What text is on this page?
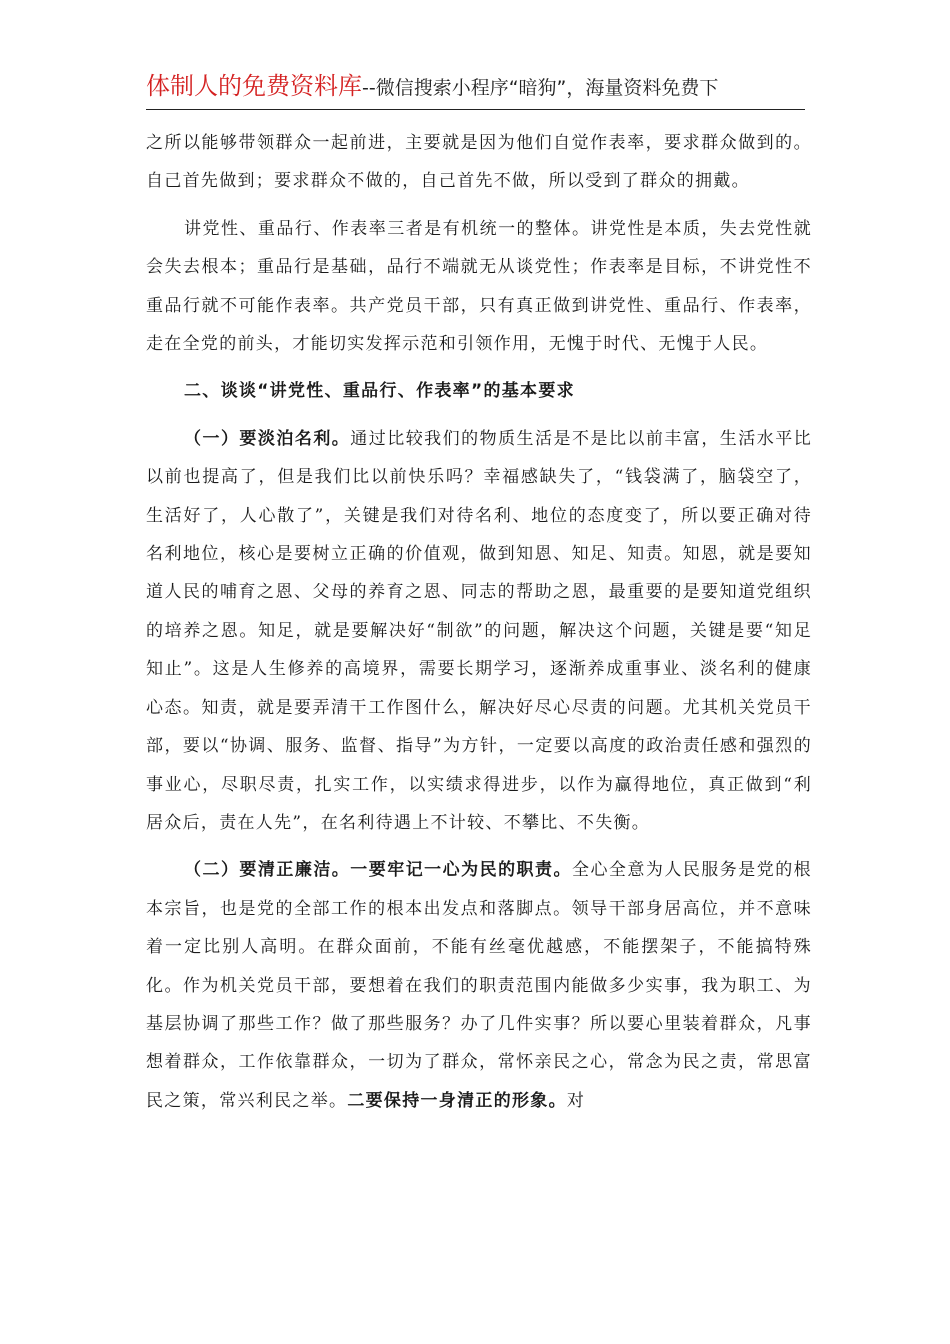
体制人的免费资料库--微信搜索小程序“暗狗”，海量资料免费下

之所以能够带领群众一起前进，主要就是因为他们自觉作表率，要求群众做到的。自己首先做到；要求群众不做的，自己首先不做，所以受到了群众的拥戴。

讲党性、重品行、作表率三者是有机统一的整体。讲党性是本质，失去党性就会失去根本；重品行是基础，品行不端就无从谈党性；作表率是目标，不讲党性不重品行就不可能作表率。共产党员干部，只有真正做到讲党性、重品行、作表率，走在全党的前头，才能切实发挥示范和引领作用，无愧于时代、无愧于人民。

二、谈谈“讲党性、重品行、作表率”的基本要求

（一）要淡泊名利。通过比较我们的物质生活是不是比以前丰富，生活水平比以前也提高了，但是我们比以前快乐吗？幸福感缺失了，“钱袋满了，脑袋空了，生活好了，人心散了”，关键是我们对待名利、地位的态度变了，所以要正确对待名利地位，核心是要树立正确的价值观，做到知恩、知足、知责。知恩，就是要知道人民的哺育之恩、父母的养育之恩、同志的帮助之恩，最重要的是要知道党组织的培养之恩。知足，就是要解决好“制欲”的问题，解决这个问题，关键是要“知足知止”。这是人生修养的高境界，需要长期学习，逐渐养成重事业、淡名利的健康心态。知责，就是要弄清干工作图什么，解决好尽心尽责的问题。尤其机关党员干部，要以“协调、服务、监督、指导”为方针，一定要以高度的政治责任感和强烈的事业心，尽职尽责，扎实工作，以实绩求得进步，以作为赢得地位，真正做到“利居众后，责在人先”，在名利待遇上不计较、不攀比、不失衡。

（二）要清正廉洁。一要牢记一心为民的职责。全心全意为人民服务是党的根本宗旨，也是党的全部工作的根本出发点和落脚点。领导干部身居高位，并不意味着一定比别人高明。在群众面前，不能有丝毫优越感，不能摆架子，不能搞特殊化。作为机关党员干部，要想着在我们的职责范围内能做多少实事，我为职工、为基层协调了那些工作？做了那些服务？办了几件实事？所以要心里装着群众，凡事想着群众，工作依靠群众，一切为了群众，常怀亲民之心，常念为民之责，常思富民之策，常兴利民之举。二要保持一身清正的形象。对
